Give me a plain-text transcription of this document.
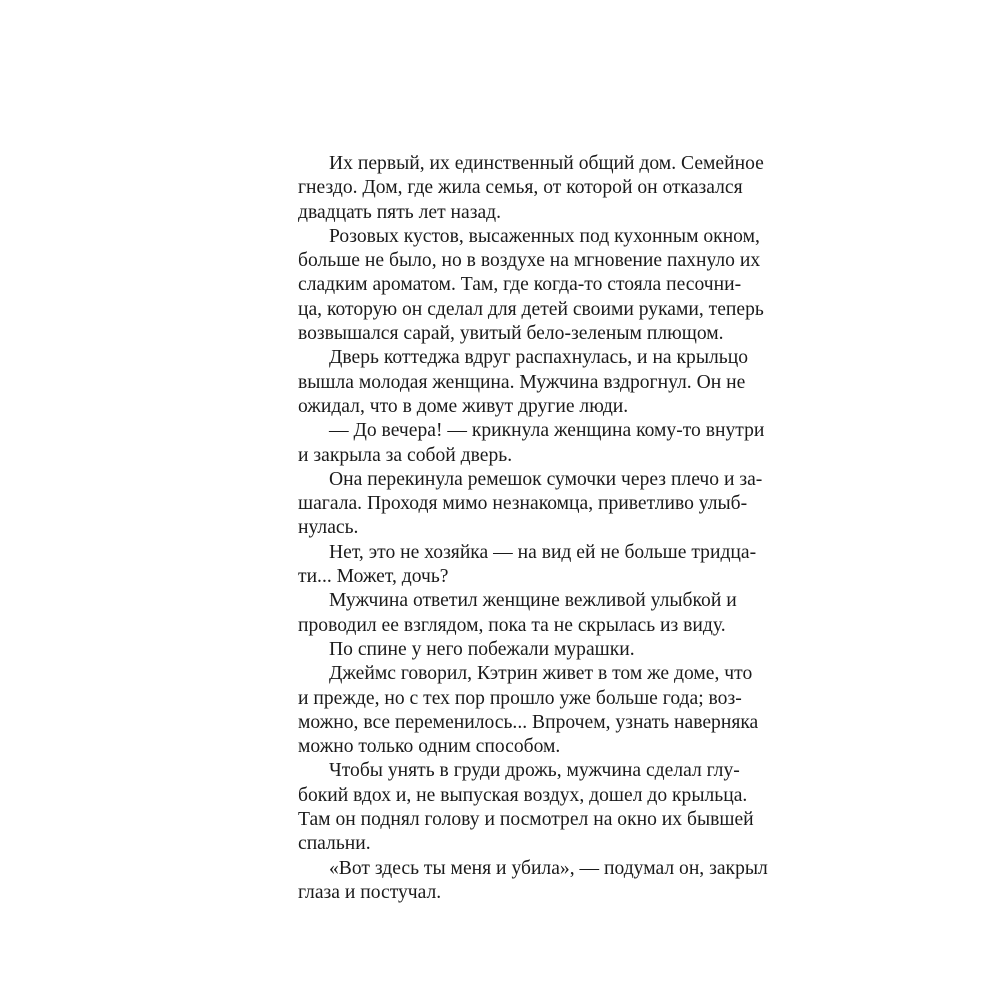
Их первый, их единственный общий дом. Семейное
гнездо. Дом, где жила семья, от которой он отказался
двадцать пять лет назад.

Розовых кустов, высаженных под кухонным окном,
больше не было, но в воздухе на мгновение пахнуло их
сладким ароматом. Там, где когда-то стояла песочни-
ца, которую он сделал для детей своими руками, теперь
возвышался сарай, увитый бело-зеленым плющом.

Дверь коттеджа вдруг распахнулась, и на крыльцо
вышла молодая женщина. Мужчина вздрогнул. Он не
ожидал, что в доме живут другие люди.

— До вечера! — крикнула женщина кому-то внутри
и закрыла за собой дверь.

Она перекинула ремешок сумочки через плечо и за-
шагала. Проходя мимо незнакомца, приветливо улыб-
нулась.

Нет, это не хозяйка — на вид ей не больше тридца-
ти... Может, дочь?

Мужчина ответил женщине вежливой улыбкой и
проводил ее взглядом, пока та не скрылась из виду.

По спине у него побежали мурашки.

Джеймс говорил, Кэтрин живет в том же доме, что
и прежде, но с тех пор прошло уже больше года; воз-
можно, все переменилось... Впрочем, узнать наверняка
можно только одним способом.

Чтобы унять в груди дрожь, мужчина сделал глу-
бокий вдох и, не выпуская воздух, дошел до крыльца.
Там он поднял голову и посмотрел на окно их бывшей
спальни.

«Вот здесь ты меня и убила», — подумал он, закрыл
глаза и постучал.
